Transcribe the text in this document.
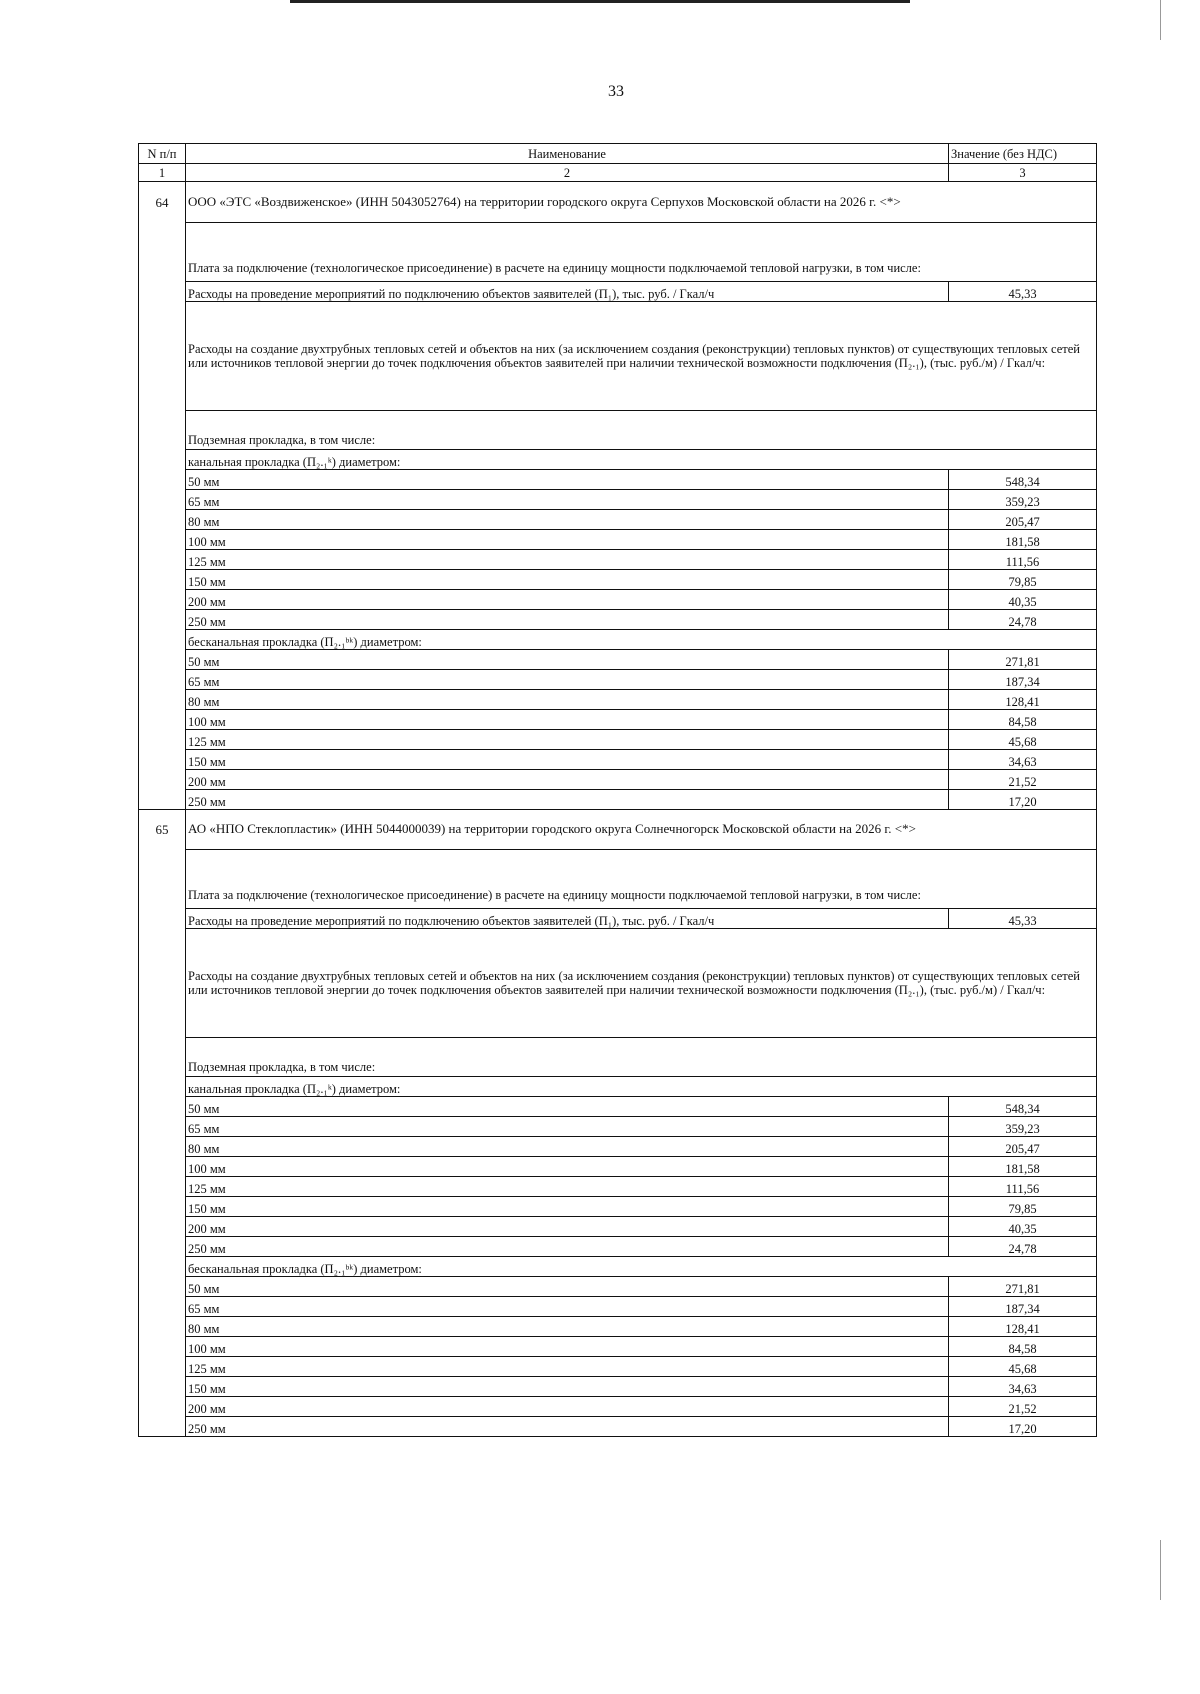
33
N п/п	Наименование	Значение (без НДС)
1	2	3
64	ООО «ЭТС «Воздвиженское» (ИНН 5043052764) на территории городского округа Серпухов Московской области на 2026 г. <*>	
	Плата за подключение (технологическое присоединение) в расчете на единицу мощности подключаемой тепловой нагрузки, в том числе:	
	Расходы на проведение мероприятий по подключению объектов заявителей (П₁), тыс. руб. / Гкал/ч	45,33
	Расходы на создание двухтрубных тепловых сетей и объектов на них (за исключением создания (реконструкции) тепловых пунктов) от существующих тепловых сетей или источников тепловой энергии до точек подключения объектов заявителей при наличии технической возможности подключения (П₂.₁), (тыс. руб./м) / Гкал/ч:	
	Подземная прокладка, в том числе:	
	канальная прокладка (П₂.₁ᵏ) диаметром:	
	50 мм	548,34
	65 мм	359,23
	80 мм	205,47
	100 мм	181,58
	125 мм	111,56
	150 мм	79,85
	200 мм	40,35
	250 мм	24,78
	бесканальная прокладка (П₂.₁ᵇᵏ) диаметром:	
	50 мм	271,81
	65 мм	187,34
	80 мм	128,41
	100 мм	84,58
	125 мм	45,68
	150 мм	34,63
	200 мм	21,52
	250 мм	17,20
65	АО «НПО Стеклопластик» (ИНН 5044000039) на территории городского округа Солнечногорск Московской области на 2026 г. <*>	
	Плата за подключение (технологическое присоединение) в расчете на единицу мощности подключаемой тепловой нагрузки, в том числе:	
	Расходы на проведение мероприятий по подключению объектов заявителей (П₁), тыс. руб. / Гкал/ч	45,33
	Расходы на создание двухтрубных тепловых сетей и объектов на них (за исключением создания (реконструкции) тепловых пунктов) от существующих тепловых сетей или источников тепловой энергии до точек подключения объектов заявителей при наличии технической возможности подключения (П₂.₁), (тыс. руб./м) / Гкал/ч:	
	Подземная прокладка, в том числе:	
	канальная прокладка (П₂.₁ᵏ) диаметром:	
	50 мм	548,34
	65 мм	359,23
	80 мм	205,47
	100 мм	181,58
	125 мм	111,56
	150 мм	79,85
	200 мм	40,35
	250 мм	24,78
	бесканальная прокладка (П₂.₁ᵇᵏ) диаметром:	
	50 мм	271,81
	65 мм	187,34
	80 мм	128,41
	100 мм	84,58
	125 мм	45,68
	150 мм	34,63
	200 мм	21,52
	250 мм	17,20
